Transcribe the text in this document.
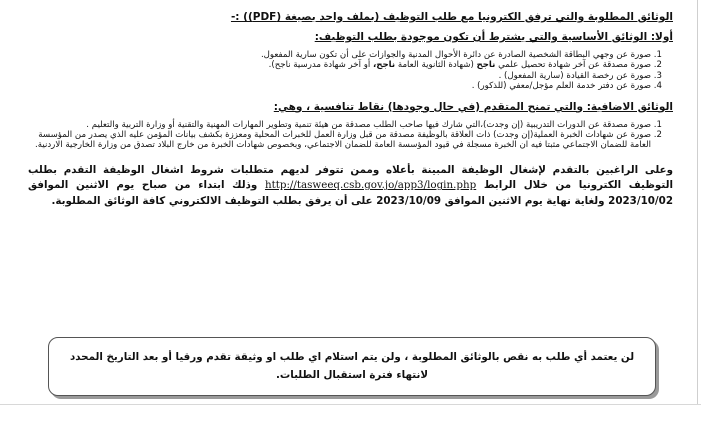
الوثائق المطلوبة والتي ترفق الكترونيا مع طلب التوظيف (بملف واحد بصيغة (PDF)) :-
أولا: الوثائق الأساسية والتي يشترط أن تكون موجودة بطلب التوظيف:
1. صورة عن وجهي البطاقة الشخصية الصادرة عن دائرة الأحوال المدنية والجوازات على أن تكون سارية المفعول.
2. صورة مصدقة عن آخر شهادة تحصيل علمي ناجح (شهادة الثانوية العامة ناجح، أو آخر شهادة مدرسية ناجح).
3. صورة عن رخصة القيادة (سارية المفعول) .
4. صورة عن دفتر خدمة العلم مؤجل/معفي (للذكور) .
الوثائق الاضافية: والتي تمنح المتقدم (في حال وجودها) نقاط تنافسية ، وهي:
1. صورة مصدقة عن الدورات التدريبية (إن وجدت)،التي شارك فيها صاحب الطلب مصدقة من هيئة تنمية وتطوير المهارات المهنية والتقنية أو وزارة التربية والتعليم .
2. صورة عن شهادات الخبرة العملية(إن وجدت) ذات العلاقة بالوظيفة مصدقة من قبل وزارة العمل للخبرات المحلية ومعززة بكشف بيانات المؤمن عليه الذي يصدر من المؤسسة العامة للضمان الاجتماعي مثبتا فيه ان الخبرة مسجلة في قيود المؤسسة العامة للضمان الاجتماعي، وبخصوص شهادات الخبرة من خارج البلاد تصدق من وزارة الخارجية الاردنية.

وعلى الراغبين بالتقدم لإشغال الوظيفة المبينة بأعلاه وممن تتوفر لديهم متطلبات شروط اشغال الوظيفة التقدم بطلب التوظيف الكترونيا من خلال الرابط http://tasweeq.csb.gov.jo/app3/login.php وذلك ابتداء من صباح يوم الاثنين الموافق 2023/10/02 ولغاية نهاية يوم الاثنين الموافق 2023/10/09 على أن يرفق بطلب التوظيف الالكتروني كافة الوثائق المطلوبة.

لن يعتمد أي طلب به نقص بالوثائق المطلوبة ، ولن يتم استلام اي طلب او وثيقة تقدم ورقيا أو بعد التاريخ المحدد
لانتهاء فترة استقبال الطلبات.
